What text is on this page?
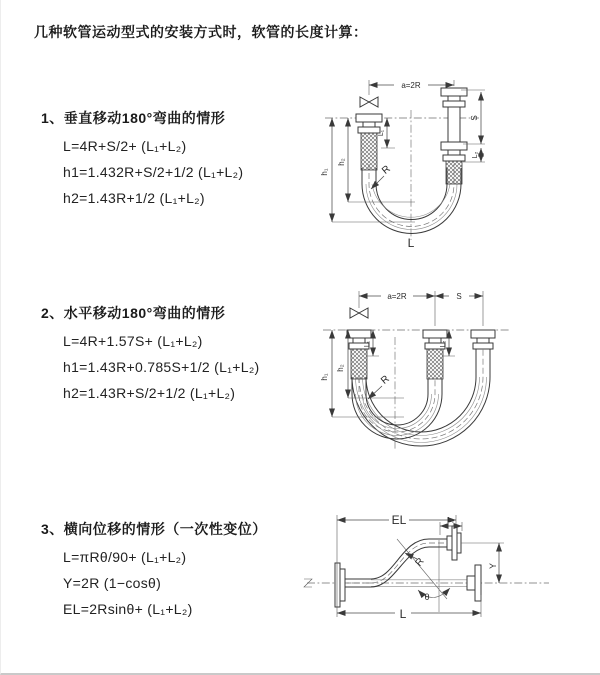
几种软管运动型式的安装方式时，软管的长度计算：
1、垂直移动180°弯曲的情形
L=4R+S/2+ (L₁+L₂)
h1=1.432R+S/2+1/2 (L₁+L₂)
h2=1.43R+1/2 (L₁+L₂)
2、水平移动180°弯曲的情形
L=4R+1.57S+ (L₁+L₂)
h1=1.43R+0.785S+1/2 (L₁+L₂)
h2=1.43R+S/2+1/2 (L₁+L₂)
3、横向位移的情形（一次性变位）
L=πRθ/90+ (L₁+L₂)
Y=2R (1−cosθ)
EL=2Rsinθ+ (L₁+L₂)
a=2R
h₁
h₂
L₁
S
L₂
R
L
a=2R	S
h₁
h₂
L₁	L₂
R
EL	L₂
Y
R
θ
L
